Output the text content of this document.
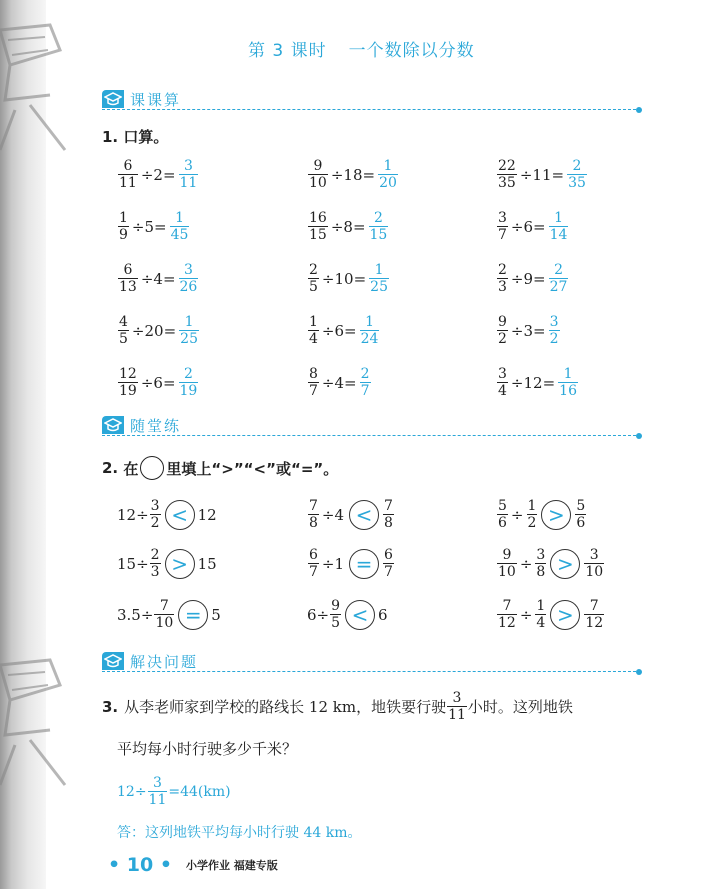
第 3 课时 一个数除以分数
课课算
1. 口算。
$\frac{6}{11} \div 2= \frac{3}{11}$	$\frac{9}{10} \div 18= \frac{1}{20}$	$\frac{22}{35} \div 11= \frac{2}{35}$
$\frac{1}{9} \div 5= \frac{1}{45}$	$\frac{16}{15} \div 8= \frac{2}{15}$	$\frac{3}{7} \div 6= \frac{1}{14}$
$\frac{6}{13} \div 4= \frac{3}{26}$	$\frac{2}{5} \div 10= \frac{1}{25}$	$\frac{2}{3} \div 9= \frac{2}{27}$
$\frac{4}{5} \div 20= \frac{1}{25}$	$\frac{1}{4} \div 6= \frac{1}{24}$	$\frac{9}{2} \div 3= \frac{3}{2}$
$\frac{12}{19} \div 6= \frac{2}{19}$	$\frac{8}{7} \div 4= \frac{2}{7}$	$\frac{3}{4} \div 12= \frac{1}{16}$
随堂练
2.
在 里填上“>”“<”或“=”。
$12\div \frac{3}{2} < 12$	$\frac{7}{8} \div 4 < \frac{7}{8}$	$\frac{5}{6} \div \frac{1}{2} > \frac{5}{6}$
$15\div \frac{2}{3} > 15$	$\frac{6}{7} \div 1 = \frac{6}{7}$	$\frac{9}{10} \div \frac{3}{8} > \frac{3}{10}$
$3.5\div \frac{7}{10} = 5$	$6\div \frac{9}{5} < 6$	$\frac{7}{12} \div \frac{1}{4} > \frac{7}{12}$
解决问题
3. 从李老师家到学校的路线长 12 km，地铁要行驶 $\frac{3}{11}$ 小时。这列地铁
平均每小时行驶多少千米？
$12\div \frac{3}{11} =44(km)$
答：这列地铁平均每小时行驶 44 km。
• 10 • 小学作业 福建专版
